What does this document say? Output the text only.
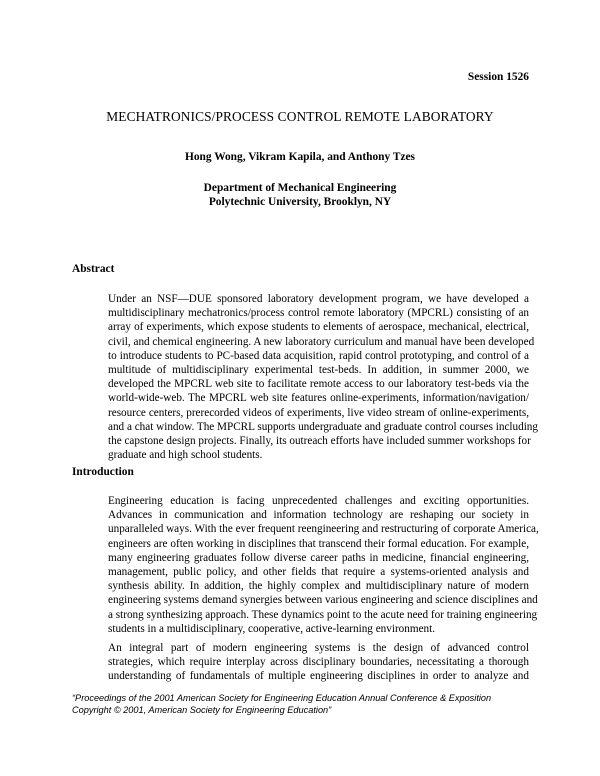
Session 1526
MECHATRONICS/PROCESS CONTROL REMOTE LABORATORY
Hong Wong, Vikram Kapila, and Anthony Tzes
Department of Mechanical Engineering
Polytechnic University, Brooklyn, NY
Abstract
Under an NSF—DUE sponsored laboratory development program, we have developed a
multidisciplinary mechatronics/process control remote laboratory (MPCRL) consisting of an
array of experiments, which expose students to elements of aerospace, mechanical, electrical,
civil, and chemical engineering. A new laboratory curriculum and manual have been developed
to introduce students to PC-based data acquisition, rapid control prototyping, and control of a
multitude of multidisciplinary experimental test-beds. In addition, in summer 2000, we
developed the MPCRL web site to facilitate remote access to our laboratory test-beds via the
world-wide-web. The MPCRL web site features online-experiments, information/navigation/
resource centers, prerecorded videos of experiments, live video stream of online-experiments,
and a chat window. The MPCRL supports undergraduate and graduate control courses including
the capstone design projects. Finally, its outreach efforts have included summer workshops for
graduate and high school students.
Introduction
Engineering education is facing unprecedented challenges and exciting opportunities.
Advances in communication and information technology are reshaping our society in
unparalleled ways. With the ever frequent reengineering and restructuring of corporate America,
engineers are often working in disciplines that transcend their formal education. For example,
many engineering graduates follow diverse career paths in medicine, financial engineering,
management, public policy, and other fields that require a systems-oriented analysis and
synthesis ability. In addition, the highly complex and multidisciplinary nature of modern
engineering systems demand synergies between various engineering and science disciplines and
a strong synthesizing approach. These dynamics point to the acute need for training engineering
students in a multidisciplinary, cooperative, active-learning environment.
An integral part of modern engineering systems is the design of advanced control
strategies, which require interplay across disciplinary boundaries, necessitating a thorough
understanding of fundamentals of multiple engineering disciplines in order to analyze and
“Proceedings of the 2001 American Society for Engineering Education Annual Conference & Exposition
Copyright © 2001, American Society for Engineering Education”
